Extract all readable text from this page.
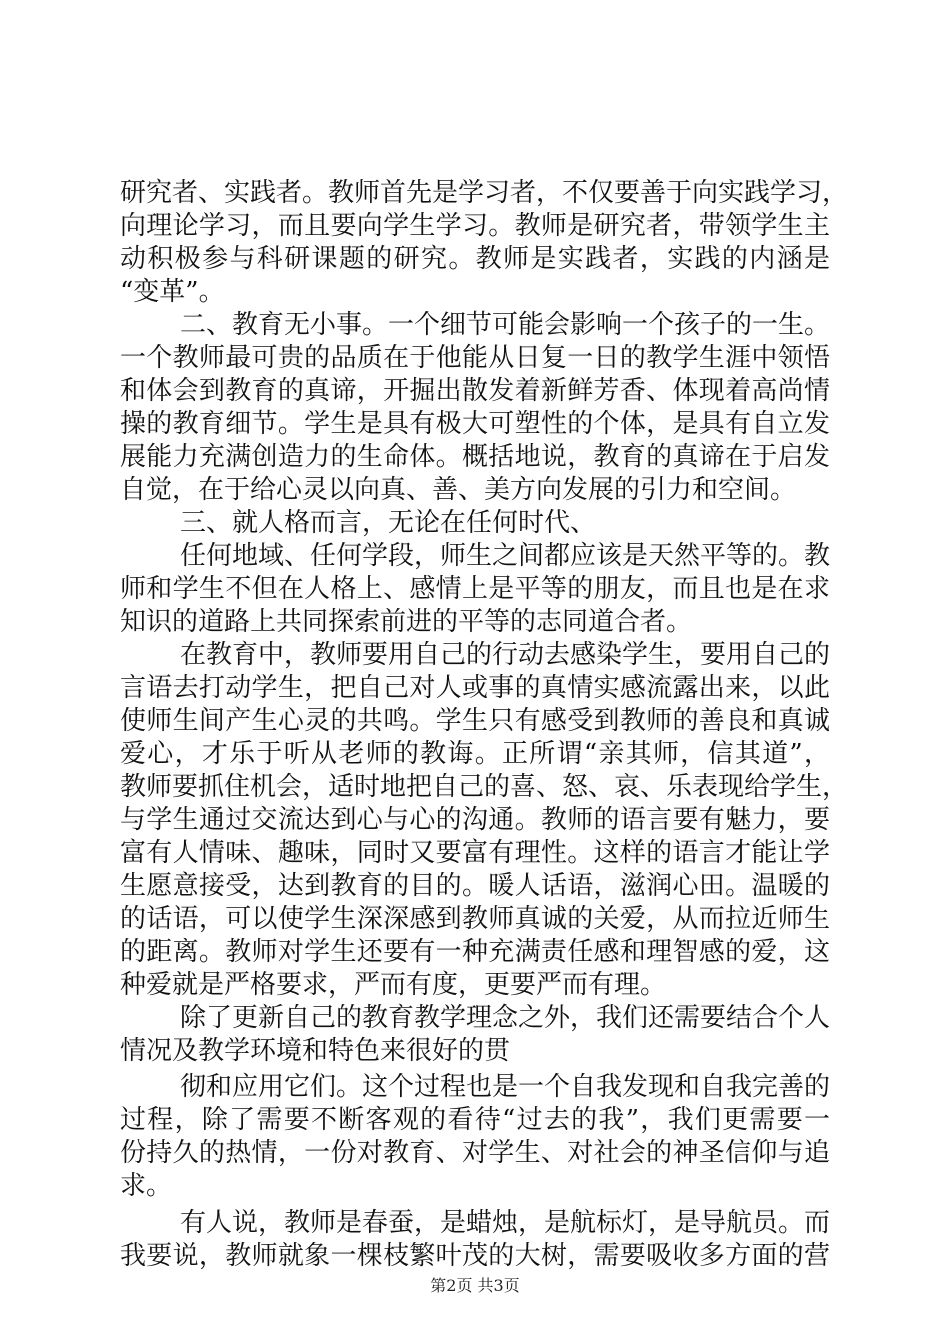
研究者、实践者。教师首先是学习者，不仅要善于向实践学习，
向理论学习，而且要向学生学习。教师是研究者，带领学生主
动积极参与科研课题的研究。教师是实践者，实践的内涵是
“变革”。
二、教育无小事。一个细节可能会影响一个孩子的一生。
一个教师最可贵的品质在于他能从日复一日的教学生涯中领悟
和体会到教育的真谛，开掘出散发着新鲜芳香、体现着高尚情
操的教育细节。学生是具有极大可塑性的个体，是具有自立发
展能力充满创造力的生命体。概括地说，教育的真谛在于启发
自觉，在于给心灵以向真、善、美方向发展的引力和空间。
三、就人格而言，无论在任何时代、
任何地域、任何学段，师生之间都应该是天然平等的。教
师和学生不但在人格上、感情上是平等的朋友，而且也是在求
知识的道路上共同探索前进的平等的志同道合者。
在教育中，教师要用自己的行动去感染学生，要用自己的
言语去打动学生，把自己对人或事的真情实感流露出来，以此
使师生间产生心灵的共鸣。学生只有感受到教师的善良和真诚
爱心，才乐于听从老师的教诲。正所谓“亲其师，信其道”，
教师要抓住机会，适时地把自己的喜、怒、哀、乐表现给学生，
与学生通过交流达到心与心的沟通。教师的语言要有魅力，要
富有人情味、趣味，同时又要富有理性。这样的语言才能让学
生愿意接受，达到教育的目的。暖人话语，滋润心田。温暖的
的话语，可以使学生深深感到教师真诚的关爱，从而拉近师生
的距离。教师对学生还要有一种充满责任感和理智感的爱，这
种爱就是严格要求，严而有度，更要严而有理。
除了更新自己的教育教学理念之外，我们还需要结合个人
情况及教学环境和特色来很好的贯
彻和应用它们。这个过程也是一个自我发现和自我完善的
过程，除了需要不断客观的看待“过去的我”，我们更需要一
份持久的热情，一份对教育、对学生、对社会的神圣信仰与追
求。
有人说，教师是春蚕，是蜡烛，是航标灯，是导航员。而
我要说，教师就象一棵枝繁叶茂的大树，需要吸收多方面的营
第2页 共3页
